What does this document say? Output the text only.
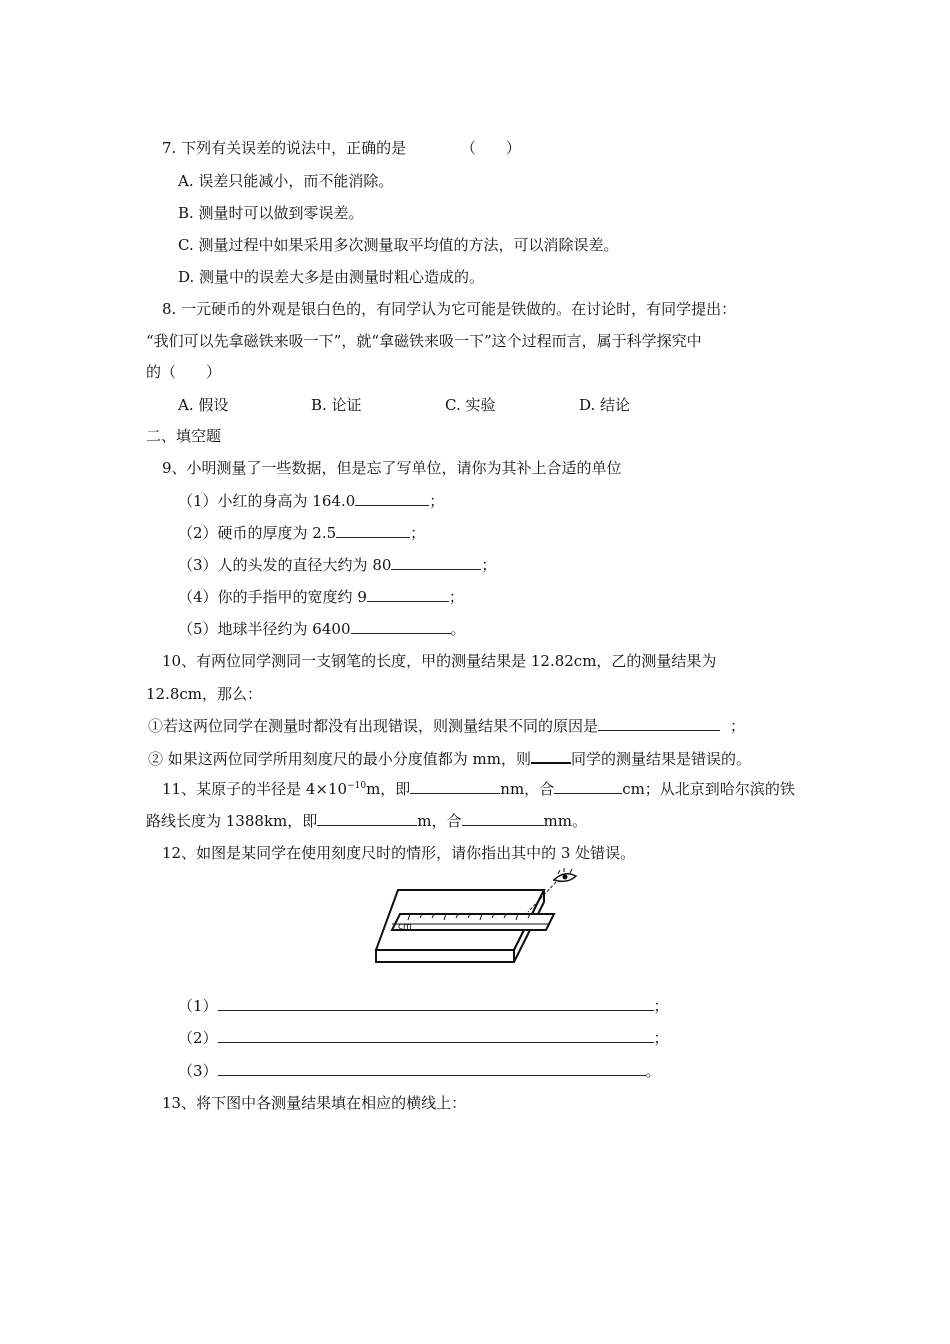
7. 下列有关误差的说法中，正确的是	（　　）
A. 误差只能减小，而不能消除。
B. 测量时可以做到零误差。
C. 测量过程中如果采用多次测量取平均值的方法，可以消除误差。
D. 测量中的误差大多是由测量时粗心造成的。
8. 一元硬币的外观是银白色的，有同学认为它可能是铁做的。在讨论时，有同学提出：
“我们可以先拿磁铁来吸一下”，就“拿磁铁来吸一下”这个过程而言，属于科学探究中
的（　　）
A. 假设	B. 论证	C. 实验	D. 结论
二、填空题
9、小明测量了一些数据，但是忘了写单位，请你为其补上合适的单位
（1）小红的身高为 164.0	；
（2）硬币的厚度为 2.5	；
（3）人的头发的直径大约为 80	；
（4）你的手指甲的宽度约 9	；
（5）地球半径约为 6400	。
10、有两位同学测同一支钢笔的长度，甲的测量结果是 12.82cm，乙的测量结果为
12.8cm，那么：
①若这两位同学在测量时都没有出现错误，则测量结果不同的原因是	；
② 如果这两位同学所用刻度尺的最小分度值都为 mm，则	同学的测量结果是错误的。
11、某原子的半径是 $4\times 10^{-10}m$，即	nm，合	cm；从北京到哈尔滨的铁
路线长度为 1388km，即	m，合	mm。
12、如图是某同学在使用刻度尺时的情形，请你指出其中的 3 处错误。
cm
（1）	；
（2）	；
（3）	。
13、将下图中各测量结果填在相应的横线上：
